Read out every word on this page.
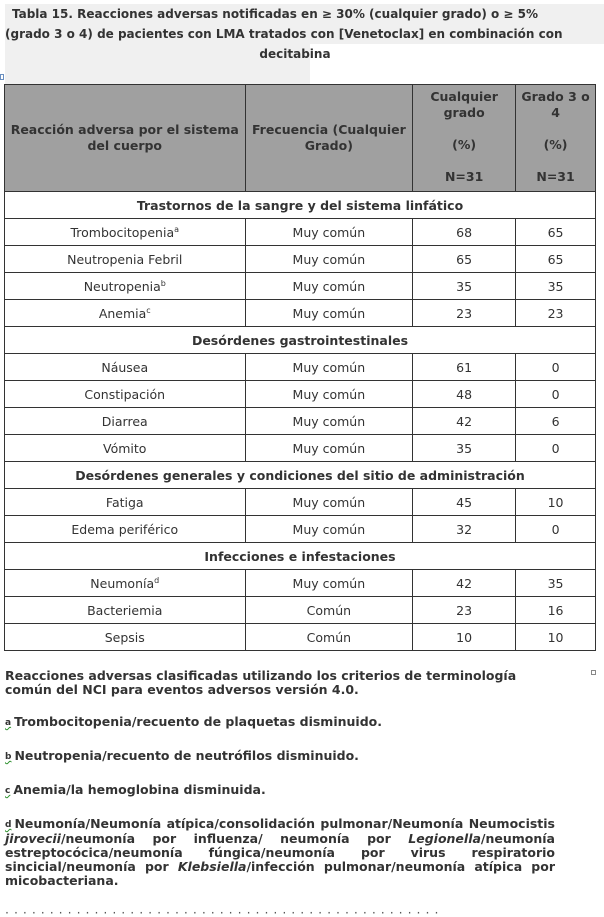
Tabla 15. Reacciones adversas notificadas en ≥ 30% (cualquier grado) o ≥ 5%
(grado 3 o 4) de pacientes con LMA tratados con [Venetoclax] en combinación con
decitabina
Reacción adversa por el sistema del cuerpo	Frecuencia (Cualquier Grado)	Cualquier grado
(%)
N=31	Grado 3 o 4
(%)
N=31

Trastornos de la sangre y del sistema linfático			
Trombocitopenia$^a$	Muy común	68	65
Neutropenia Febril	Muy común	65	65
Neutropenia$^b$	Muy común	35	35
Anemia$^c$	Muy común	23	23
Desórdenes gastrointestinales			
Náusea	Muy común	61	0
Constipación	Muy común	48	0
Diarrea	Muy común	42	6
Vómito	Muy común	35	0
Desórdenes generales y condiciones del sitio de administración			
Fatiga	Muy común	45	10
Edema periférico	Muy común	32	0
Infecciones e infestaciones			
Neumonía$^d$	Muy común	42	35
Bacteriemia	Común	23	16
Sepsis	Común	10	10

Reacciones adversas clasificadas utilizando los criterios de terminología común del NCI para eventos adversos versión 4.0.

a Trombocitopenia/recuento de plaquetas disminuido.

b Neutropenia/recuento de neutrófilos disminuido.

c Anemia/la hemoglobina disminuida.

d Neumonía/Neumonía atípica/consolidación pulmonar/Neumonía Neumocistis jirovecii/neumonía por influenza/ neumonía por Legionella/neumonía estreptocócica/neumonía fúngica/neumonía por virus respiratorio sincicial/neumonía por Klebsiella/infección pulmonar/neumonía atípica por micobacteriana.

· · · · · · · · · · · · · · · · · · · · · · · · · · · · · · · · · · · · · · · · · · · · · · · · ·
